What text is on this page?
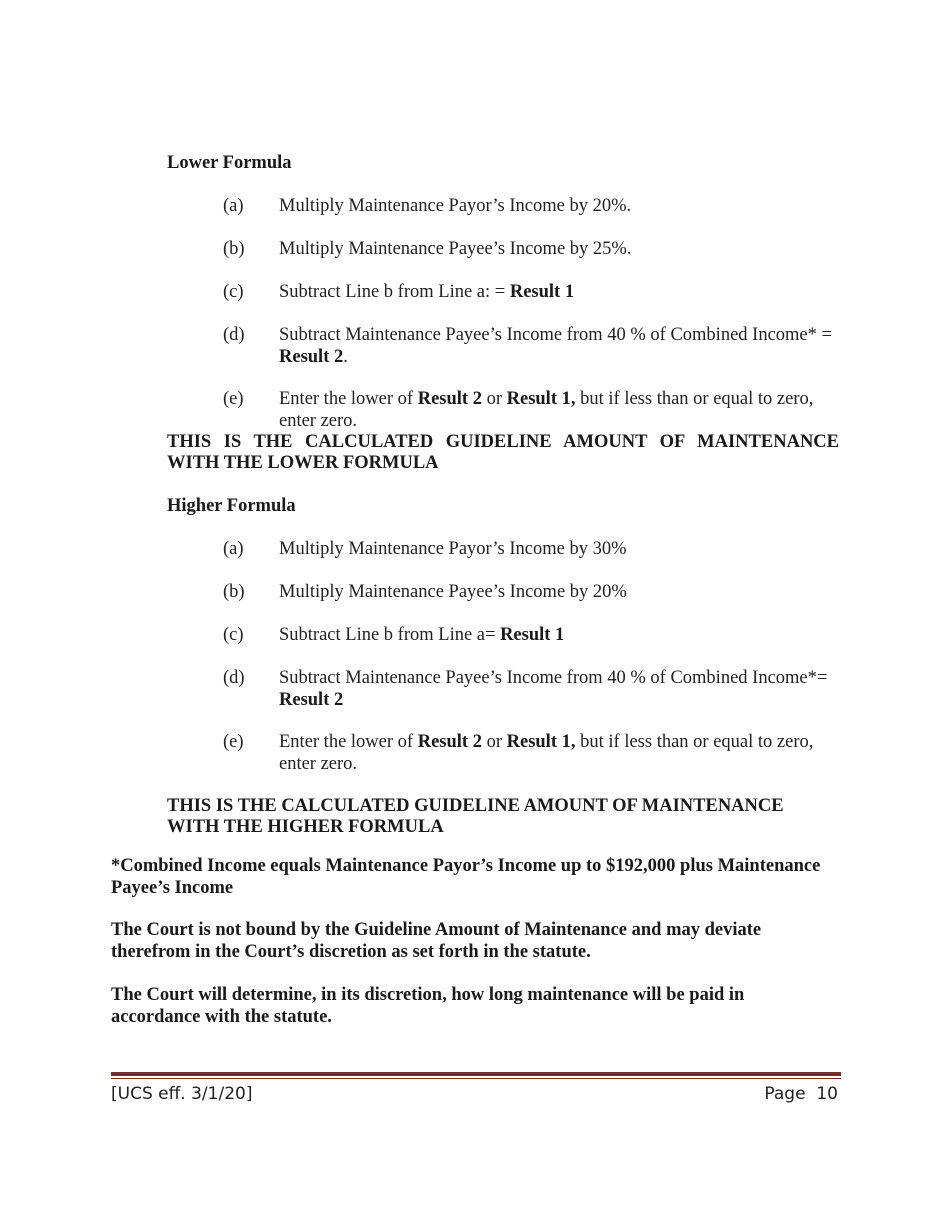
Lower Formula
(a) Multiply Maintenance Payor’s Income by 20%.
(b) Multiply Maintenance Payee’s Income by 25%.
(c) Subtract Line b from Line a: = Result 1
(d) Subtract Maintenance Payee’s Income from 40 % of Combined Income* = Result 2.
(e) Enter the lower of Result 2 or Result 1, but if less than or equal to zero, enter zero.
THIS IS THE CALCULATED GUIDELINE AMOUNT OF MAINTENANCE
WITH THE LOWER FORMULA
Higher Formula
(a) Multiply Maintenance Payor’s Income by 30%
(b) Multiply Maintenance Payee’s Income by 20%
(c) Subtract Line b from Line a= Result 1
(d) Subtract Maintenance Payee’s Income from 40 % of Combined Income*= Result 2
(e) Enter the lower of Result 2 or Result 1, but if less than or equal to zero, enter zero.
THIS IS THE CALCULATED GUIDELINE AMOUNT OF MAINTENANCE
WITH THE HIGHER FORMULA
*Combined Income equals Maintenance Payor’s Income up to $192,000 plus Maintenance Payee’s Income
The Court is not bound by the Guideline Amount of Maintenance and may deviate therefrom in the Court’s discretion as set forth in the statute.
The Court will determine, in its discretion, how long maintenance will be paid in accordance with the statute.
[UCS eff. 3/1/20]	Page 10
